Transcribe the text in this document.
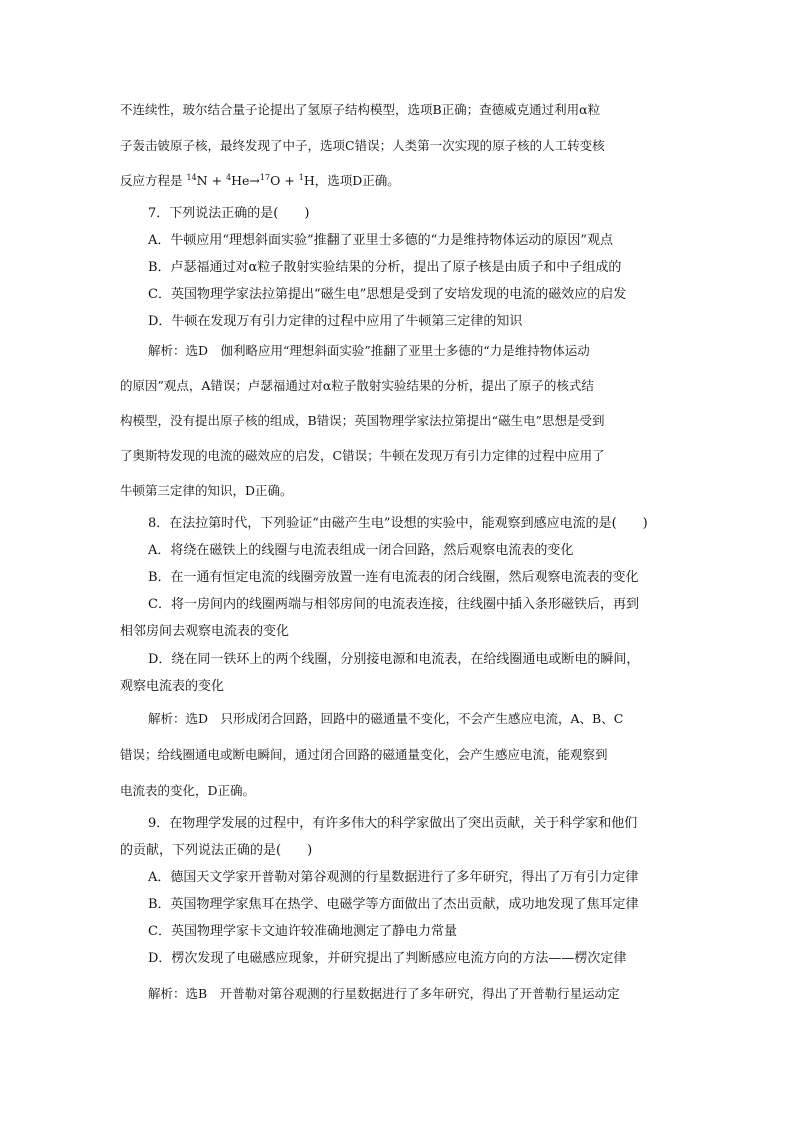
不连续性，玻尔结合量子论提出了氢原子结构模型，选项B正确；查德威克通过利用α粒
子轰击铍原子核，最终发现了中子，选项C错误；人类第一次实现的原子核的人工转变核
反应方程是 $^{14}$N + $^4$He→$^{17}$O + $^1$H，选项D正确。
7．下列说法正确的是(　　)
A．牛顿应用“理想斜面实验”推翻了亚里士多德的“力是维持物体运动的原因”观点
B．卢瑟福通过对α粒子散射实验结果的分析，提出了原子核是由质子和中子组成的
C．英国物理学家法拉第提出“磁生电”思想是受到了安培发现的电流的磁效应的启发
D．牛顿在发现万有引力定律的过程中应用了牛顿第三定律的知识
解析：选D　伽利略应用“理想斜面实验”推翻了亚里士多德的“力是维持物体运动
的原因”观点，A错误；卢瑟福通过对α粒子散射实验结果的分析，提出了原子的核式结
构模型，没有提出原子核的组成，B错误；英国物理学家法拉第提出“磁生电”思想是受到
了奥斯特发现的电流的磁效应的启发，C错误；牛顿在发现万有引力定律的过程中应用了
牛顿第三定律的知识，D正确。
8．在法拉第时代，下列验证“由磁产生电”设想的实验中，能观察到感应电流的是(　　)
A．将绕在磁铁上的线圈与电流表组成一闭合回路，然后观察电流表的变化
B．在一通有恒定电流的线圈旁放置一连有电流表的闭合线圈，然后观察电流表的变化
C．将一房间内的线圈两端与相邻房间的电流表连接，往线圈中插入条形磁铁后，再到
相邻房间去观察电流表的变化
D．绕在同一铁环上的两个线圈，分别接电源和电流表，在给线圈通电或断电的瞬间，
观察电流表的变化
解析：选D　只形成闭合回路，回路中的磁通量不变化，不会产生感应电流，A、B、C
错误；给线圈通电或断电瞬间，通过闭合回路的磁通量变化，会产生感应电流，能观察到
电流表的变化，D正确。
9．在物理学发展的过程中，有许多伟大的科学家做出了突出贡献，关于科学家和他们
的贡献，下列说法正确的是(　　)
A．德国天文学家开普勒对第谷观测的行星数据进行了多年研究，得出了万有引力定律
B．英国物理学家焦耳在热学、电磁学等方面做出了杰出贡献，成功地发现了焦耳定律
C．英国物理学家卡文迪许较准确地测定了静电力常量
D．楞次发现了电磁感应现象，并研究提出了判断感应电流方向的方法——楞次定律
解析：选B　开普勒对第谷观测的行星数据进行了多年研究，得出了开普勒行星运动定
